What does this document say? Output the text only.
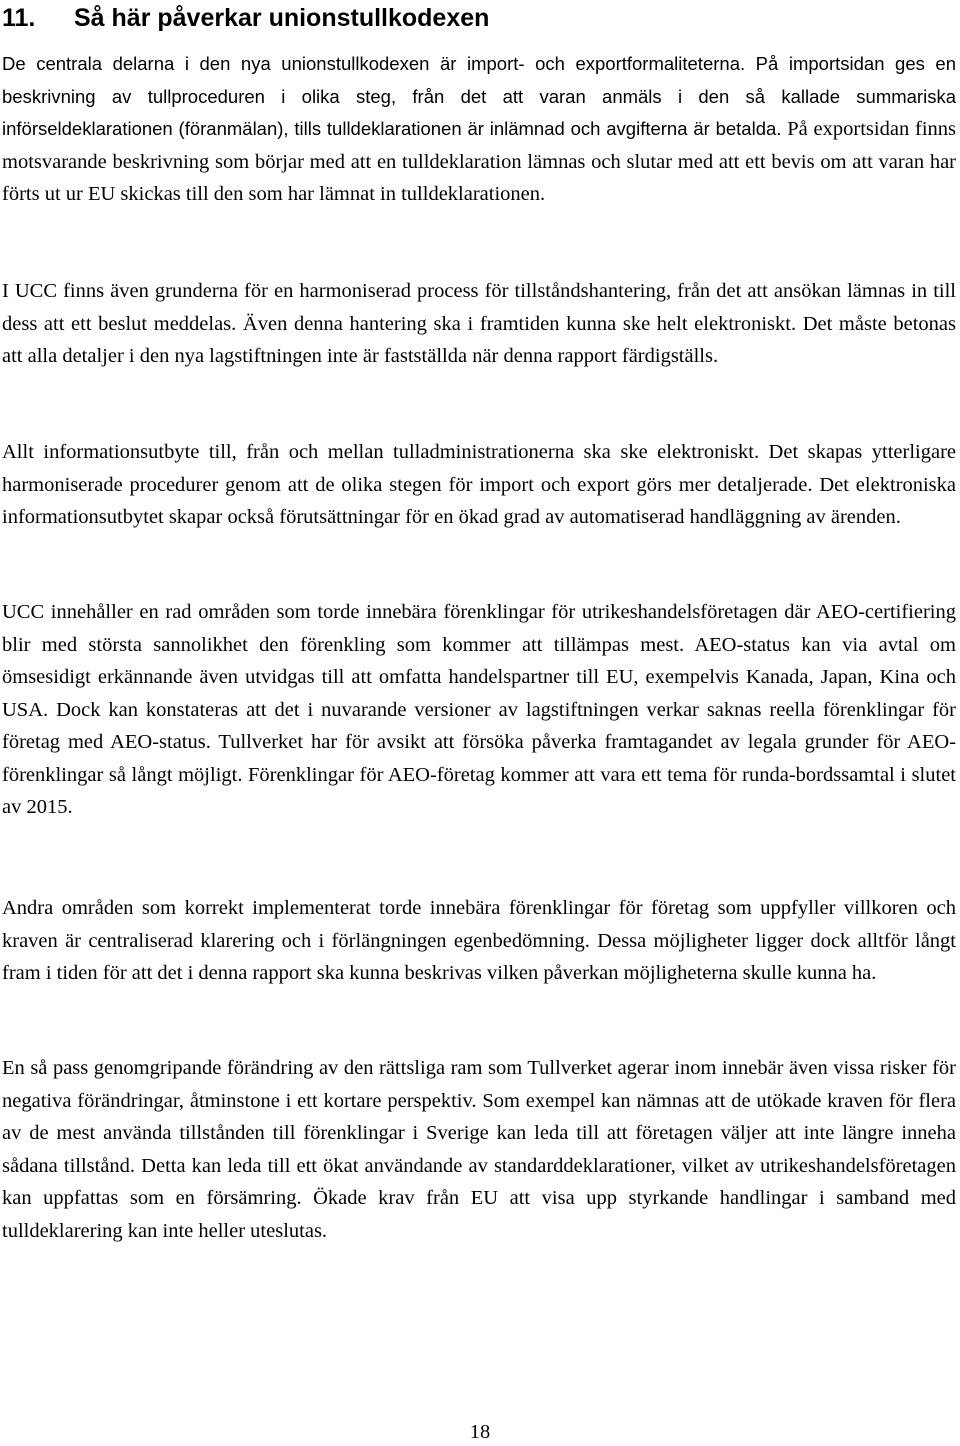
11. Så här påverkar unionstullkodexen

De centrala delarna i den nya unionstullkodexen är import- och exportformaliteterna. På importsidan ges en beskrivning av tullproceduren i olika steg, från det att varan anmäls i den så kallade summariska införseldeklarationen (föranmälan), tills tulldeklarationen är inlämnad och avgifterna är betalda. På exportsidan finns motsvarande beskrivning som börjar med att en tulldeklaration lämnas och slutar med att ett bevis om att varan har förts ut ur EU skickas till den som har lämnat in tulldeklarationen.

I UCC finns även grunderna för en harmoniserad process för tillståndshantering, från det att ansökan lämnas in till dess att ett beslut meddelas. Även denna hantering ska i framtiden kunna ske helt elektroniskt. Det måste betonas att alla detaljer i den nya lagstiftningen inte är fastställda när denna rapport färdigställs.

Allt informationsutbyte till, från och mellan tulladministrationerna ska ske elektroniskt. Det skapas ytterligare harmoniserade procedurer genom att de olika stegen för import och export görs mer detaljerade. Det elektroniska informationsutbytet skapar också förutsättningar för en ökad grad av automatiserad handläggning av ärenden.

UCC innehåller en rad områden som torde innebära förenklingar för utrikeshandelsföretagen där AEO-certifiering blir med största sannolikhet den förenkling som kommer att tillämpas mest. AEO-status kan via avtal om ömsesidigt erkännande även utvidgas till att omfatta handelspartner till EU, exempelvis Kanada, Japan, Kina och USA. Dock kan konstateras att det i nuvarande versioner av lagstiftningen verkar saknas reella förenklingar för företag med AEO-status. Tullverket har för avsikt att försöka påverka framtagandet av legala grunder för AEO-förenklingar så långt möjligt. Förenklingar för AEO-företag kommer att vara ett tema för runda-bordssamtal i slutet av 2015.

Andra områden som korrekt implementerat torde innebära förenklingar för företag som uppfyller villkoren och kraven är centraliserad klarering och i förlängningen egenbedömning. Dessa möjligheter ligger dock alltför långt fram i tiden för att det i denna rapport ska kunna beskrivas vilken påverkan möjligheterna skulle kunna ha.

En så pass genomgripande förändring av den rättsliga ram som Tullverket agerar inom innebär även vissa risker för negativa förändringar, åtminstone i ett kortare perspektiv. Som exempel kan nämnas att de utökade kraven för flera av de mest använda tillstånden till förenklingar i Sverige kan leda till att företagen väljer att inte längre inneha sådana tillstånd. Detta kan leda till ett ökat användande av standarddeklarationer, vilket av utrikeshandelsföretagen kan uppfattas som en försämring. Ökade krav från EU att visa upp styrkande handlingar i samband med tulldeklarering kan inte heller uteslutas.

18
